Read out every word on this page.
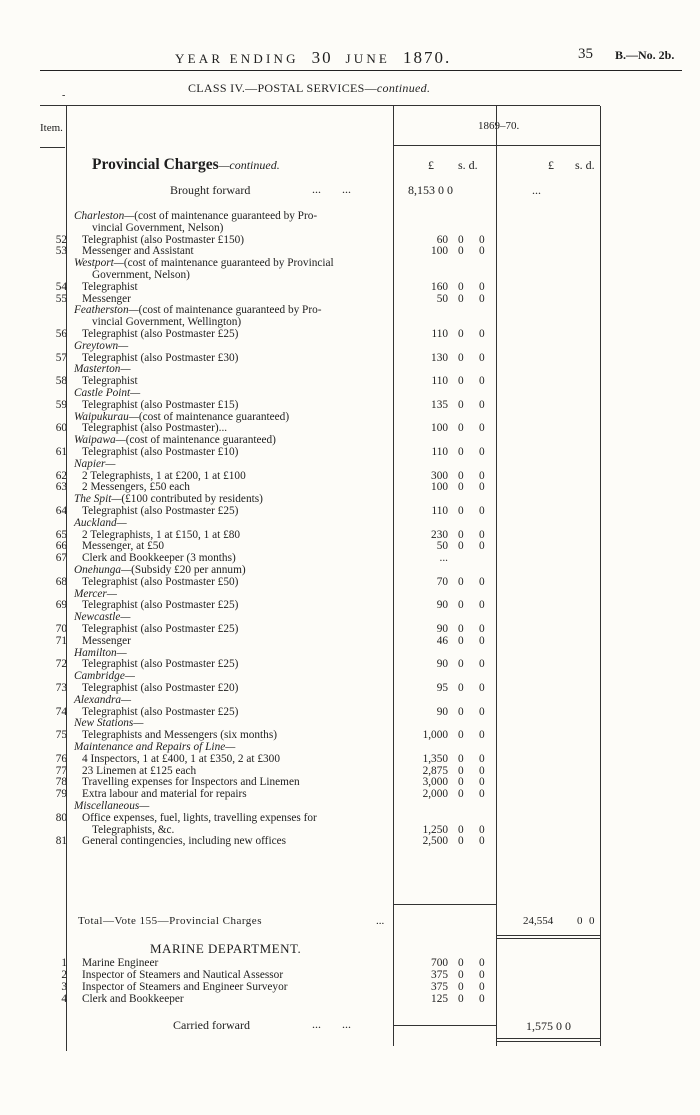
YEAR ENDING 30 JUNE 1870.	35 B.—No. 2b.
CLASS IV.—POSTAL SERVICES—continued.
-
Item.	1869–70.
Provincial Charges—continued.	£ s. d.	£ s. d.
Brought forward	... ...	8,153 0 0	...
Charleston—(cost of maintenance guaranteed by Pro-
vincial Government, Nelson)
52 Telegraphist (also Postmaster £150)	60 0 0
53 Messenger and Assistant	100 0 0
Westport—(cost of maintenance guaranteed by Provincial
Government, Nelson)
54 Telegraphist	160 0 0
55 Messenger	50 0 0
Featherston—(cost of maintenance guaranteed by Pro-
vincial Government, Wellington)
56 Telegraphist (also Postmaster £25)	110 0 0
Greytown—
57 Telegraphist (also Postmaster £30)	130 0 0
Masterton—
58 Telegraphist	110 0 0
Castle Point—
59 Telegraphist (also Postmaster £15)	135 0 0
Waipukurau—(cost of maintenance guaranteed)
60 Telegraphist (also Postmaster)...	100 0 0
Waipawa—(cost of maintenance guaranteed)
61 Telegraphist (also Postmaster £10)	110 0 0
Napier—
62 2 Telegraphists, 1 at £200, 1 at £100	300 0 0
63 2 Messengers, £50 each	100 0 0
The Spit—(£100 contributed by residents)
64 Telegraphist (also Postmaster £25)	110 0 0
Auckland—
65 2 Telegraphists, 1 at £150, 1 at £80	230 0 0
66 Messenger, at £50	50 0 0
67 Clerk and Bookkeeper (3 months)	...
Onehunga—(Subsidy £20 per annum)
68 Telegraphist (also Postmaster £50)	70 0 0
Mercer—
69 Telegraphist (also Postmaster £25)	90 0 0
Newcastle—
70 Telegraphist (also Postmaster £25)	90 0 0
71 Messenger	46 0 0
Hamilton—
72 Telegraphist (also Postmaster £25)	90 0 0
Cambridge—
73 Telegraphist (also Postmaster £20)	95 0 0
Alexandra—
74 Telegraphist (also Postmaster £25)	90 0 0
New Stations—
75 Telegraphists and Messengers (six months)	1,000 0 0
Maintenance and Repairs of Line—
76 4 Inspectors, 1 at £400, 1 at £350, 2 at £300	1,350 0 0
77 23 Linemen at £125 each	2,875 0 0
78 Travelling expenses for Inspectors and Linemen	3,000 0 0
79 Extra labour and material for repairs	2,000 0 0
Miscellaneous—
80 Office expenses, fuel, lights, travelling expenses for
Telegraphists, &c.	1,250 0 0
81 General contingencies, including new offices	2,500 0 0
Total—Vote 155—Provincial Charges	...	24,554 0 0
MARINE DEPARTMENT.
1 Marine Engineer	700 0 0
2 Inspector of Steamers and Nautical Assessor	375 0 0
3 Inspector of Steamers and Engineer Surveyor	375 0 0
4 Clerk and Bookkeeper	125 0 0
Carried forward	... ...	1,575 0 0
